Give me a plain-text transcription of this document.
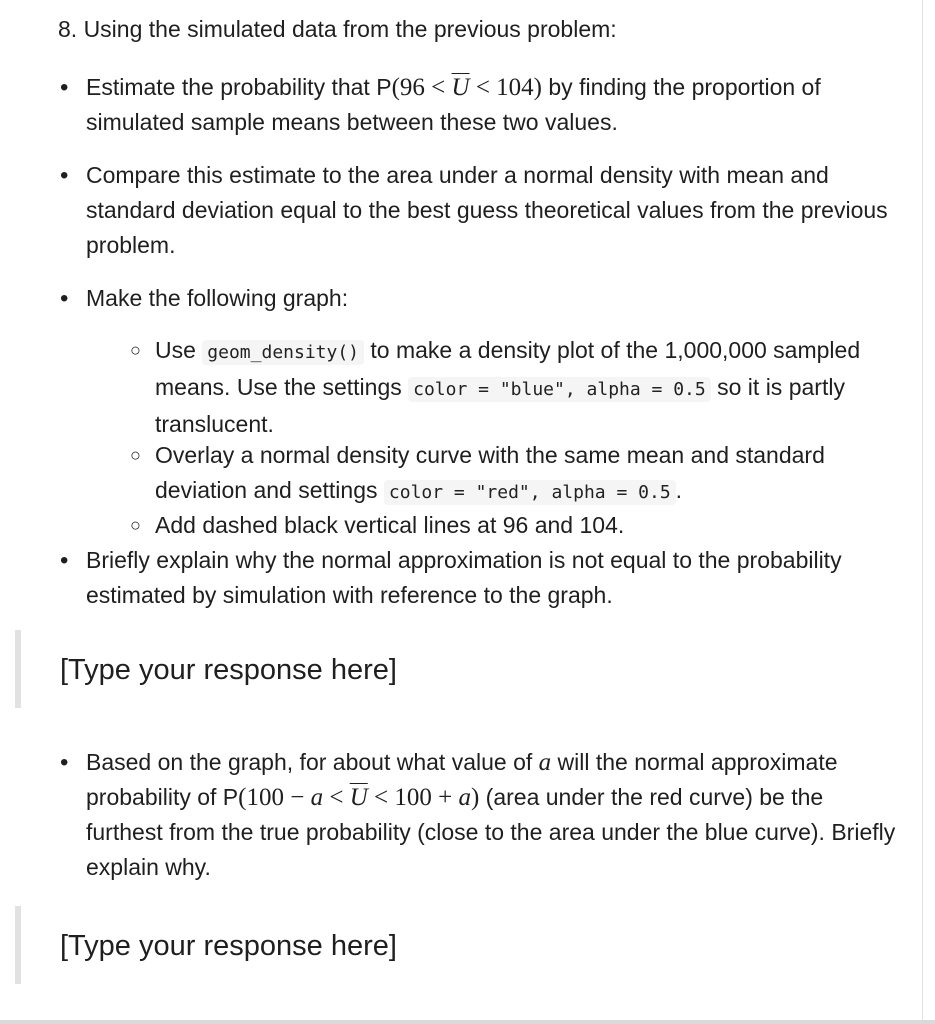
8. Using the simulated data from the previous problem:
• Estimate the probability that $P(96 < \overline{U} < 104)$ by finding the proportion of simulated sample means between these two values.
• Compare this estimate to the area under a normal density with mean and standard deviation equal to the best guess theoretical values from the previous problem.
• Make the following graph:
○ Use geom_density() to make a density plot of the 1,000,000 sampled means. Use the settings color = "blue", alpha = 0.5 so it is partly translucent.
○ Overlay a normal density curve with the same mean and standard deviation and settings color = "red", alpha = 0.5 .
○ Add dashed black vertical lines at 96 and 104.
• Briefly explain why the normal approximation is not equal to the probability estimated by simulation with reference to the graph.
[Type your response here]
• Based on the graph, for about what value of a will the normal approximate probability of $P(100 - a < \overline{U} < 100 + a)$ (area under the red curve) be the furthest from the true probability (close to the area under the blue curve). Briefly explain why.
[Type your response here]
